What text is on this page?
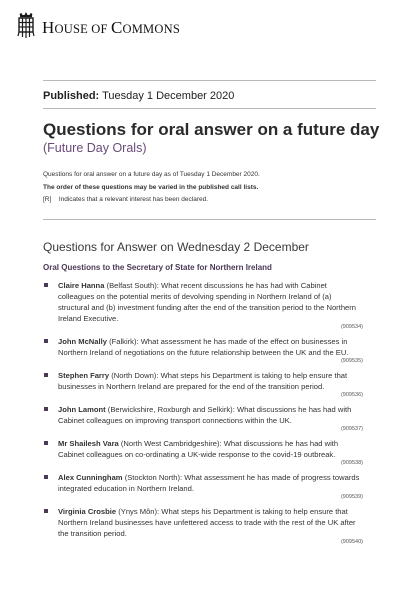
HOUSE OF COMMONS
Published: Tuesday 1 December 2020
Questions for oral answer on a future day
(Future Day Orals)
Questions for oral answer on a future day as of Tuesday 1 December 2020.
The order of these questions may be varied in the published call lists.
[R] Indicates that a relevant interest has been declared.
Questions for Answer on Wednesday 2 December
Oral Questions to the Secretary of State for Northern Ireland
Claire Hanna (Belfast South): What recent discussions he has had with Cabinet colleagues on the potential merits of devolving spending in Northern Ireland of (a) structural and (b) investment funding after the end of the transition period to the Northern Ireland Executive.
(909534)
John McNally (Falkirk): What assessment he has made of the effect on businesses in Northern Ireland of negotiations on the future relationship between the UK and the EU.
(909535)
Stephen Farry (North Down): What steps his Department is taking to help ensure that businesses in Northern Ireland are prepared for the end of the transition period.
(909536)
John Lamont (Berwickshire, Roxburgh and Selkirk): What discussions he has had with Cabinet colleagues on improving transport connections within the UK.
(909537)
Mr Shailesh Vara (North West Cambridgeshire): What discussions he has had with Cabinet colleagues on co-ordinating a UK-wide response to the covid-19 outbreak.
(909538)
Alex Cunningham (Stockton North): What assessment he has made of progress towards integrated education in Northern Ireland.
(909539)
Virginia Crosbie (Ynys Môn): What steps his Department is taking to help ensure that Northern Ireland businesses have unfettered access to trade with the rest of the UK after the transition period.
(909540)
